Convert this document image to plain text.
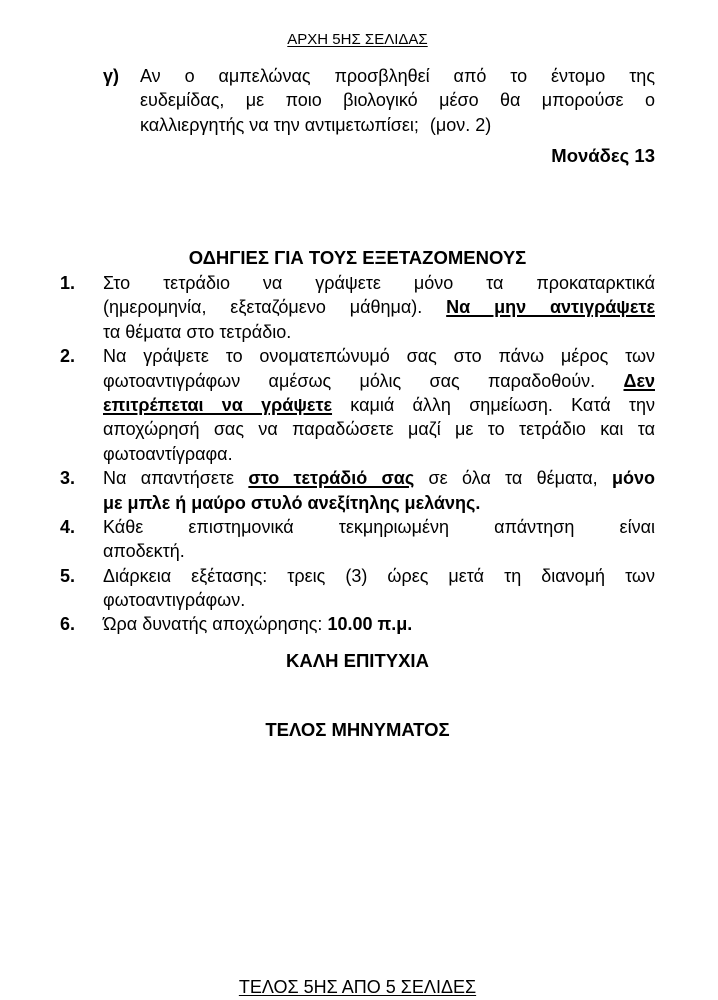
ΑΡΧΗ 5ΗΣ ΣΕΛΙΔΑΣ
γ) Αν ο αμπελώνας προσβληθεί από το έντομο της
ευδεμίδας, με ποιο βιολογικό μέσο θα μπορούσε ο
καλλιεργητής να την αντιμετωπίσει; (μον. 2)
Μονάδες 13
ΟΔΗΓΙΕΣ ΓΙΑ ΤΟΥΣ ΕΞΕΤΑΖΟΜΕΝΟΥΣ
1. Στο τετράδιο να γράψετε μόνο τα προκαταρκτικά
(ημερομηνία, εξεταζόμενο μάθημα). Να μην αντιγράψετε
τα θέματα στο τετράδιο.
2. Να γράψετε το ονοματεπώνυμό σας στο πάνω μέρος των
φωτοαντιγράφων αμέσως μόλις σας παραδοθούν. Δεν
επιτρέπεται να γράψετε καμιά άλλη σημείωση. Κατά την
αποχώρησή σας να παραδώσετε μαζί με το τετράδιο και τα
φωτοαντίγραφα.
3. Να απαντήσετε στο τετράδιό σας σε όλα τα θέματα, μόνο
με μπλε ή μαύρο στυλό ανεξίτηλης μελάνης.
4. Κάθε επιστημονικά τεκμηριωμένη απάντηση είναι
αποδεκτή.
5. Διάρκεια εξέτασης: τρεις (3) ώρες μετά τη διανομή των
φωτοαντιγράφων.
6. Ώρα δυνατής αποχώρησης: 10.00 π.μ.
ΚΑΛΗ ΕΠΙΤΥΧΙΑ
ΤΕΛΟΣ ΜΗΝΥΜΑΤΟΣ
ΤΕΛΟΣ 5ΗΣ ΑΠΟ 5 ΣΕΛΙΔΕΣ
